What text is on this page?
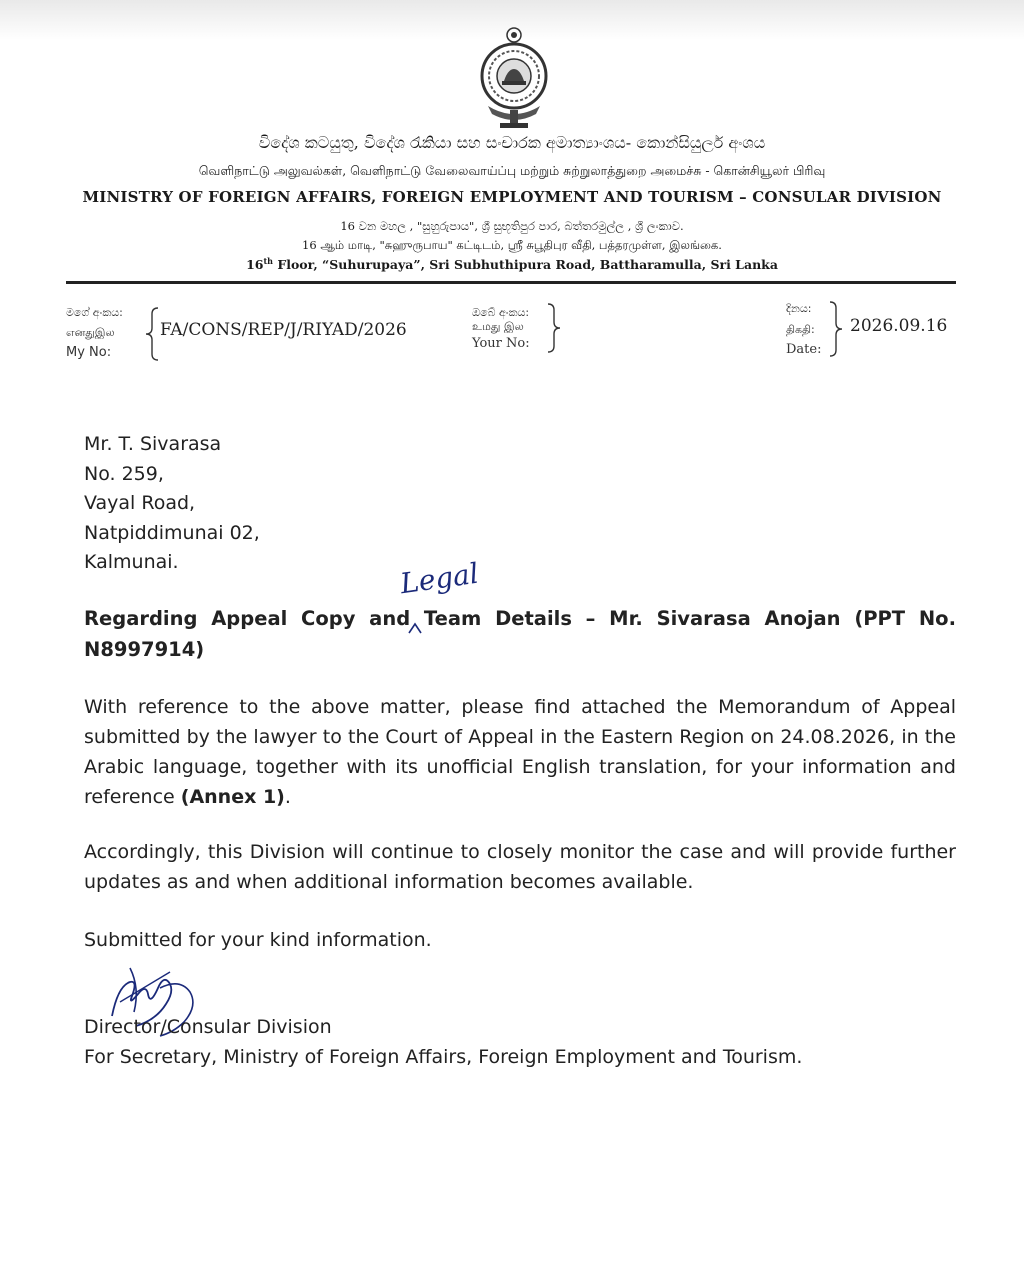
විදේශ කටයුතු, විදේශ රැකියා සහ සංචාරක අමාත්‍යාංශය- කොන්සියුලර් අංශය
வெளிநாட்டு அலுவல்கள், வெளிநாட்டு வேலைவாய்ப்பு மற்றும் சுற்றுலாத்துறை அமைச்சு - கொன்சியூலர் பிரிவு
MINISTRY OF FOREIGN AFFAIRS, FOREIGN EMPLOYMENT AND TOURISM – CONSULAR DIVISION
16 වන මහල , "සුහුරුපාය", ශ්‍රී සුභූතිපුර පාර, බත්තරමුල්ල , ශ්‍රී ලංකාව.
16 ஆம் மாடி, "சுஹுருபாய" கட்டிடம், ஸ்ரீ சுபூதிபுர வீதி, பத்தரமுள்ள, இலங்கை.
16th Floor, “Suhurupaya”, Sri Subhuthipura Road, Battharamulla, Sri Lanka
මගේ අංකය:
எனதுஇல
My No:
FA/CONS/REP/J/RIYAD/2026
ඔබේ අංකය:
உமது இல
Your No:
දිනය:
திகதி:
Date:
2026.09.16
Mr. T. Sivarasa
No. 259,
Vayal Road,
Natpiddimunai 02,
Kalmunai.	Legal
Regarding Appeal Copy and Team Details – Mr. Sivarasa Anojan (PPT No. N8997914)
With reference to the above matter, please find attached the Memorandum of Appeal submitted by the lawyer to the Court of Appeal in the Eastern Region on 24.08.2026, in the Arabic language, together with its unofficial English translation, for your information and reference (Annex 1).
Accordingly, this Division will continue to closely monitor the case and will provide further updates as and when additional information becomes available.
Submitted for your kind information.
Director/Consular Division
For Secretary, Ministry of Foreign Affairs, Foreign Employment and Tourism.
